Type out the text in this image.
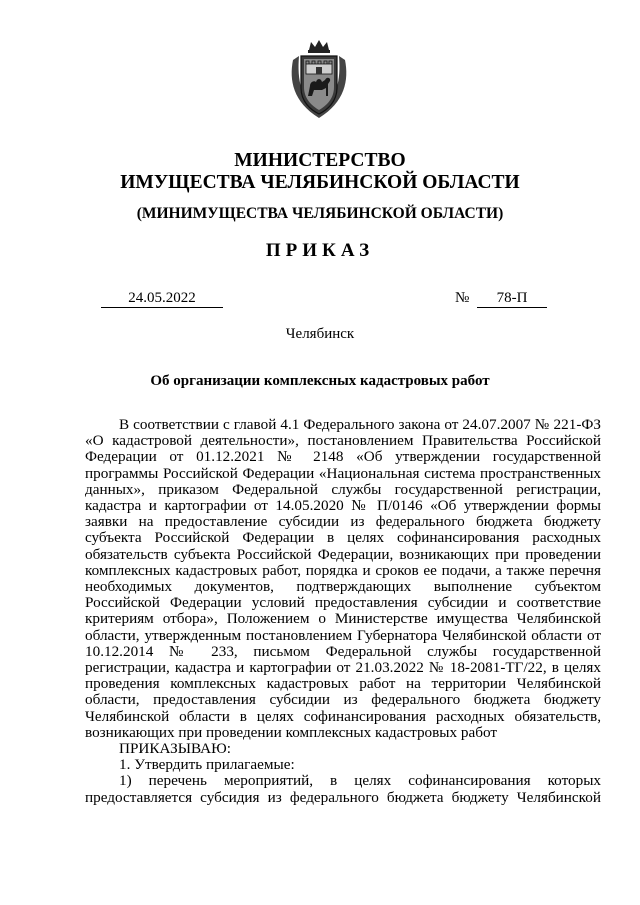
МИНИСТЕРСТВО
ИМУЩЕСТВА ЧЕЛЯБИНСКОЙ ОБЛАСТИ
(МИНИМУЩЕСТВА ЧЕЛЯБИНСКОЙ ОБЛАСТИ)
ПРИКАЗ
24.05.2022	№ 78-П
Челябинск
Об организации комплексных кадастровых работ

В соответствии с главой 4.1 Федерального закона от 24.07.2007 № 221-ФЗ «О кадастровой деятельности», постановлением Правительства Российской Федерации от 01.12.2021 № 2148 «Об утверждении государственной программы Российской Федерации «Национальная система пространственных данных», приказом Федеральной службы государственной регистрации, кадастра и картографии от 14.05.2020 № П/0146 «Об утверждении формы заявки на предоставление субсидии из федерального бюджета бюджету субъекта Российской Федерации в целях софинансирования расходных обязательств субъекта Российской Федерации, возникающих при проведении комплексных кадастровых работ, порядка и сроков ее подачи, а также перечня необходимых документов, подтверждающих выполнение субъектом Российской Федерации условий предоставления субсидии и соответствие критериям отбора», Положением о Министерстве имущества Челябинской области, утвержденным постановлением Губернатора Челябинской области от 10.12.2014 № 233, письмом Федеральной службы государственной регистрации, кадастра и картографии от 21.03.2022 № 18-2081-ТГ/22, в целях проведения комплексных кадастровых работ на территории Челябинской области, предоставления субсидии из федерального бюджета бюджету Челябинской области в целях софинансирования расходных обязательств, возникающих при проведении комплексных кадастровых работ

ПРИКАЗЫВАЮ:

1. Утвердить прилагаемые:

1) перечень мероприятий, в целях софинансирования которых предоставляется субсидия из федерального бюджета бюджету Челябинской
